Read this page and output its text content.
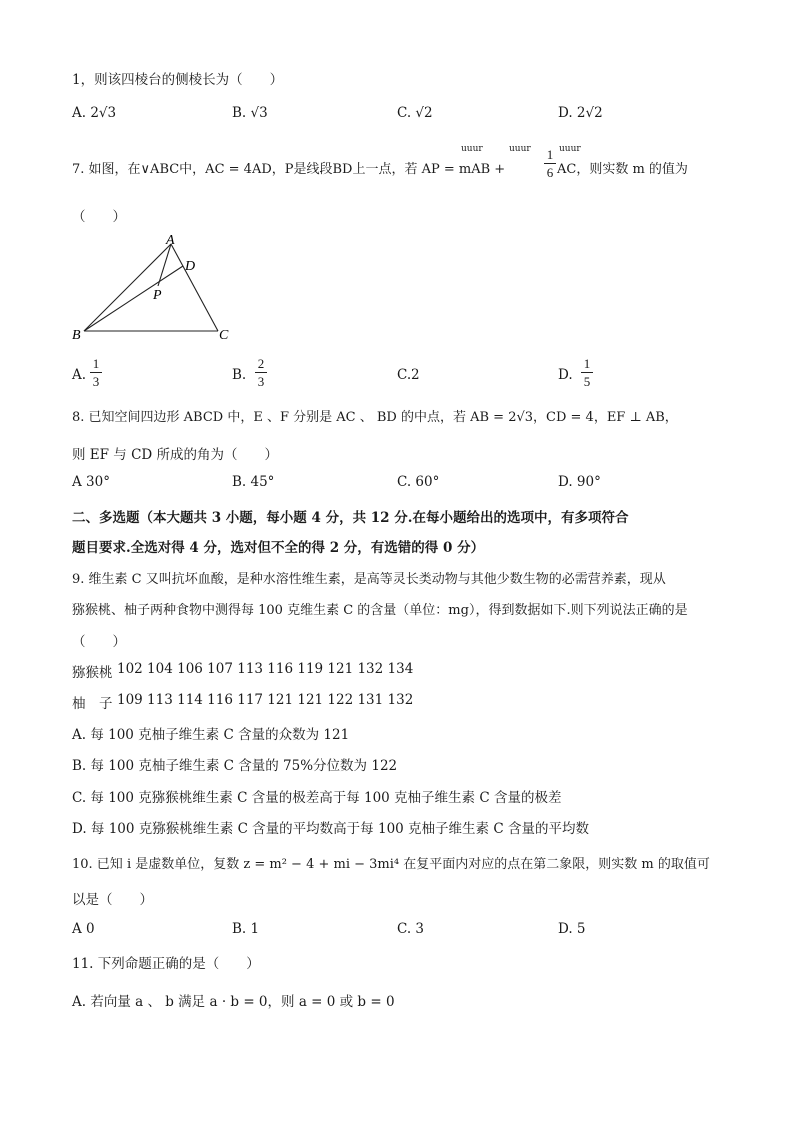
1，则该四棱台的侧棱长为（　　）
A. 2√3	B. √3	C. √2	D. 2√2
uuur	uuur	uuur
7. 如图，在∨ABC中，AC = 4AD，P是线段BD上一点，若 AP = mAB +	$\frac{1}{6}$ AC，则实数 m 的值为
（　　）
A
D
P
B	C
A. $\frac{1}{3}$	B. $\frac{2}{3}$	C. 2	D. $\frac{1}{5}$
8. 已知空间四边形 ABCD 中，E 、F 分别是 AC 、 BD 的中点，若 AB = 2√3，CD = 4，EF ⊥ AB，
则 EF 与 CD 所成的角为（　　）
A 30°	B. 45°	C. 60°	D. 90°
二、多选题（本大题共 3 小题，每小题 4 分，共 12 分.在每小题给出的选项中，有多项符合
题目要求.全选对得 4 分，选对但不全的得 2 分，有选错的得 0 分）
9. 维生素 C 又叫抗坏血酸，是种水溶性维生素，是高等灵长类动物与其他少数生物的必需营养素，现从
猕猴桃、柚子两种食物中测得每 100 克维生素 C 的含量（单位：mg），得到数据如下.则下列说法正确的是
（　　）
猕猴桃 102 104 106 107 113 116 119 121 132 134
柚　子 109 113 114 116 117 121 121 122 131 132
A. 每 100 克柚子维生素 C 含量的众数为 121
B. 每 100 克柚子维生素 C 含量的 75%分位数为 122
C. 每 100 克猕猴桃维生素 C 含量的极差高于每 100 克柚子维生素 C 含量的极差
D. 每 100 克猕猴桃维生素 C 含量的平均数高于每 100 克柚子维生素 C 含量的平均数
10. 已知 i 是虚数单位，复数 z = m² − 4 + mi − 3mi⁴ 在复平面内对应的点在第二象限，则实数 m 的取值可
以是（　　）
A 0	B. 1	C. 3	D. 5
11. 下列命题正确的是（　　）
A. 若向量 a 、 b 满足 a · b = 0，则 a = 0 或 b = 0
